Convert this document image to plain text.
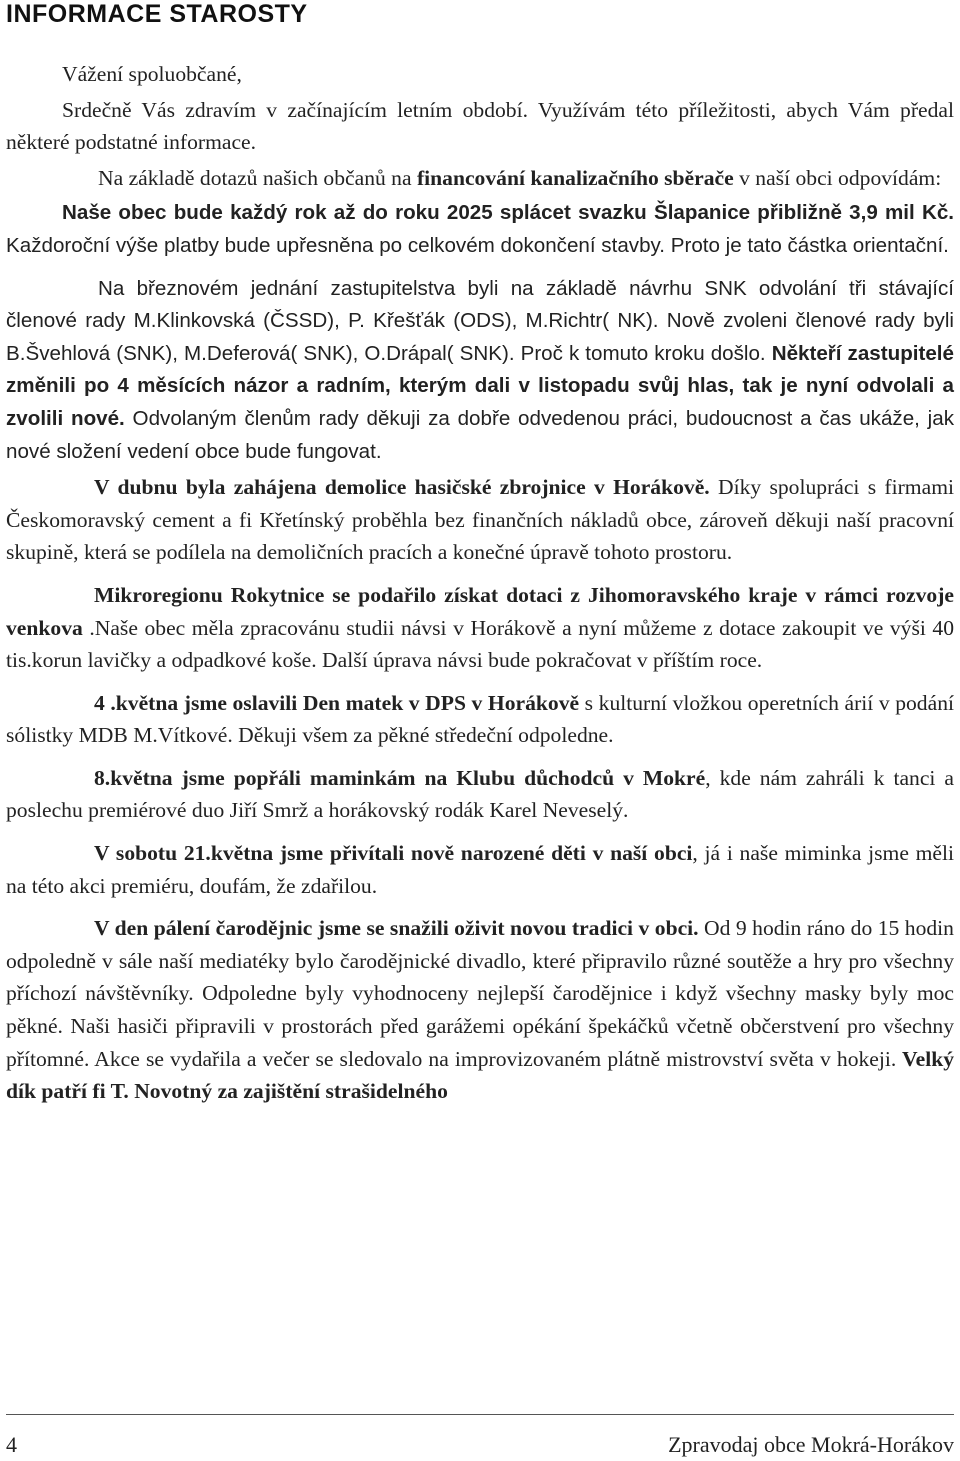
INFORMACE STAROSTY

Vážení spoluobčané,

Srdečně Vás zdravím v začínajícím letním období. Využívám této příležitosti, abych Vám předal některé podstatné informace.

Na základě dotazů našich občanů na financování kanalizačního sběrače v naší obci odpovídám:

Naše obec bude každý rok až do roku 2025 splácet svazku Šlapanice přibližně 3,9 mil Kč. Každoroční výše platby bude upřesněna po celkovém dokončení stavby. Proto je tato částka orientační.

Na březnovém jednání zastupitelstva byli na základě návrhu SNK odvolání tři stávající členové rady M.Klinkovská (ČSSD), P. Křešťák (ODS), M.Richtr( NK). Nově zvoleni členové rady byli B.Švehlová (SNK), M.Deferová( SNK), O.Drápal( SNK). Proč k tomuto kroku došlo. Někteří zastupitelé změnili po 4 měsících názor a radním, kterým dali v listopadu svůj hlas, tak je nyní odvolali a zvolili nové. Odvolaným členům rady děkuji za dobře odvedenou práci, budoucnost a čas ukáže, jak nové složení vedení obce bude fungovat.

V dubnu byla zahájena demolice hasičské zbrojnice v Horákově. Díky spolupráci s firmami Českomoravský cement a fi Křetínský proběhla bez finančních nákladů obce, zároveň děkuji naší pracovní skupině, která se podílela na demoličních pracích a konečné úpravě tohoto prostoru.

Mikroregionu Rokytnice se podařilo získat dotaci z Jihomoravského kraje v rámci rozvoje venkova .Naše obec měla zpracovánu studii návsi v Horákově a nyní můžeme z dotace zakoupit ve výši 40 tis.korun lavičky a odpadkové koše. Další úprava návsi bude pokračovat v příštím roce.

4 .května jsme oslavili Den matek v DPS v Horákově s kulturní vložkou operetních árií v podání sólistky MDB M.Vítkové. Děkuji všem za pěkné středeční odpoledne.

8.května jsme popřáli maminkám na Klubu důchodců v Mokré, kde nám zahráli k tanci a poslechu premiérové duo Jiří Smrž a horákovský rodák Karel Neveselý.

V sobotu 21.května jsme přivítali nově narozené děti v naší obci, já i naše miminka jsme měli na této akci premiéru, doufám, že zdařilou.

V den pálení čarodějnic jsme se snažili oživit novou tradici v obci. Od 9 hodin ráno do 15 hodin odpoledně v sále naší mediatéky bylo čarodějnické divadlo, které připravilo různé soutěže a hry pro všechny příchozí návštěvníky. Odpoledne byly vyhodnoceny nejlepší čarodějnice i když všechny masky byly moc pěkné. Naši hasiči připravili v prostorách před garážemi opékání špekáčků včetně občerstvení pro všechny přítomné. Akce se vydařila a večer se sledovalo na improvizovaném plátně mistrovství světa v hokeji. Velký dík patří fi T. Novotný za zajištění strašidelného

4	Zpravodaj obce Mokrá-Horákov
